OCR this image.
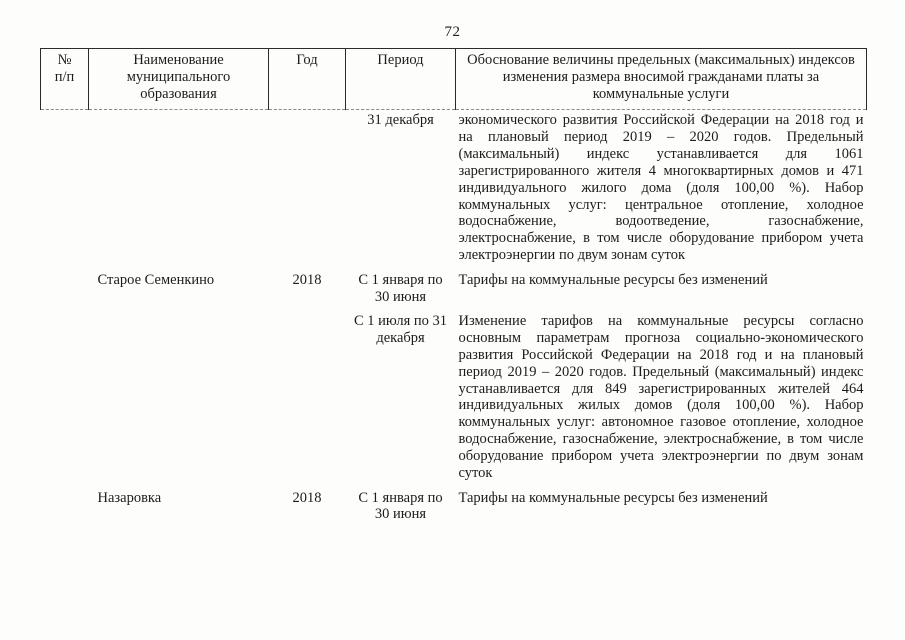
72
№
п/п	Наименование муниципального образования	Год	Период	Обоснование величины предельных (максимальных) индексов изменения размера вносимой гражданами платы за коммунальные услуги
			31 декабря	экономического развития Российской Федерации на 2018 год и на плановый период 2019 – 2020 годов. Предельный (максимальный) индекс устанавливается для 1061 зарегистрированного жителя 4 многоквартирных домов и 471 индивидуального жилого дома (доля 100,00 %). Набор коммунальных услуг: центральное отопление, холодное водоснабжение, водоотведение, газоснабжение, электроснабжение, в том числе оборудование прибором учета электроэнергии по двум зонам суток
	Старое Семенкино	2018	С 1 января по 30 июня	Тарифы на коммунальные ресурсы без изменений
			С 1 июля по 31 декабря	Изменение тарифов на коммунальные ресурсы согласно основным параметрам прогноза социально-экономического развития Российской Федерации на 2018 год и на плановый период 2019 – 2020 годов. Предельный (максимальный) индекс устанавливается для 849 зарегистрированных жителей 464 индивидуальных жилых домов (доля 100,00 %). Набор коммунальных услуг: автономное газовое отопление, холодное водоснабжение, газоснабжение, электроснабжение, в том числе оборудование прибором учета электроэнергии по двум зонам суток
	Назаровка	2018	С 1 января по 30 июня	Тарифы на коммунальные ресурсы без изменений
